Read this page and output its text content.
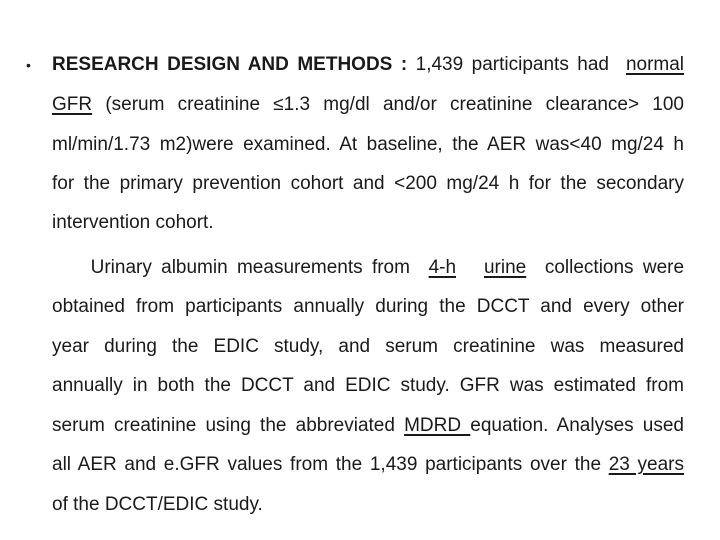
• RESEARCH DESIGN AND METHODS : 1,439 participants had  normal
GFR (serum creatinine ≤1.3 mg/dl and/or creatinine clearance> 100
ml/min/1.73 m2)were examined. At baseline, the AER was<40 mg/24 h
for the primary prevention cohort and <200 mg/24 h for the secondary
intervention cohort.
Urinary albumin measurements from  4-h urine  collections were
obtained from participants annually during the DCCT and every other
year during the EDIC study, and serum creatinine was measured
annually in both the DCCT and EDIC study. GFR was estimated from
serum creatinine using the abbreviated MDRD equation. Analyses used
all AER and e.GFR values from the 1,439 participants over the 23 years
of the DCCT/EDIC study.
